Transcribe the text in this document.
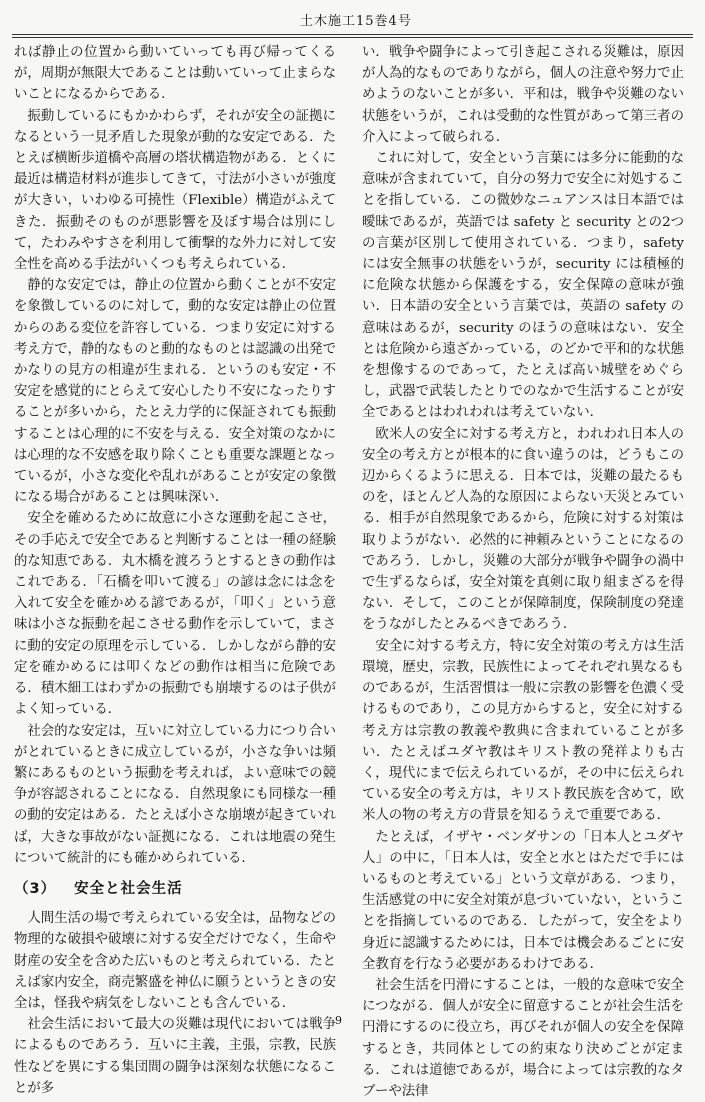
土木施工15巻4号

れば静止の位置から動いていっても再び帰ってくるが，周期が無限大であることは動いていって止まらないことになるからである．

振動しているにもかかわらず，それが安全の証拠になるという一見矛盾した現象が動的な安定である．たとえば横断歩道橋や高層の塔状構造物がある．とくに最近は構造材料が進歩してきて，寸法が小さいが強度が大きい，いわゆる可撓性（Flexible）構造がふえてきた．振動そのものが悪影響を及ぼす場合は別にして，たわみやすさを利用して衝撃的な外力に対して安全性を高める手法がいくつも考えられている．

静的な安定では，静止の位置から動くことが不安定を象徴しているのに対して，動的な安定は静止の位置からのある変位を許容している．つまり安定に対する考え方で，静的なものと動的なものとは認識の出発でかなりの見方の相違が生まれる．というのも安定・不安定を感覚的にとらえて安心したり不安になったりすることが多いから，たとえ力学的に保証されても振動することは心理的に不安を与える．安全対策のなかには心理的な不安感を取り除くことも重要な課題となっているが，小さな変化や乱れがあることが安定の象徴になる場合があることは興味深い．

安全を確めるために故意に小さな運動を起こさせ，その手応えで安全であると判断することは一種の経験的な知恵である．丸木橋を渡ろうとするときの動作はこれである．「石橋を叩いて渡る」の諺は念には念を入れて安全を確かめる諺であるが，「叩く」という意味は小さな振動を起こさせる動作を示していて，まさに動的安定の原理を示している．しかしながら静的安定を確かめるには叩くなどの動作は相当に危険である．積木細工はわずかの振動でも崩壊するのは子供がよく知っている．

社会的な安定は，互いに対立している力につり合いがとれているときに成立しているが，小さな争いは頻繁にあるものという振動を考えれば，よい意味での競争が容認されることになる．自然現象にも同様な一種の動的安定はある．たとえば小さな崩壊が起きていれば，大きな事故がない証拠になる．これは地震の発生について統計的にも確かめられている．

（3） 安全と社会生活

人間生活の場で考えられている安全は，品物などの物理的な破損や破壊に対する安全だけでなく，生命や財産の安全を含めた広いものと考えられている．たとえば家内安全，商売繁盛を神仏に願うというときの安全は，怪我や病気をしないことも含んでいる．

社会生活において最大の災難は現代においては戦争によるものであろう．互いに主義，主張，宗教，民族性などを異にする集団間の闘争は深刻な状態になることが多

い．戦争や闘争によって引き起こされる災難は，原因が人為的なものでありながら，個人の注意や努力で止めようのないことが多い．平和は，戦争や災難のない状態をいうが，これは受動的な性質があって第三者の介入によって破られる．

これに対して，安全という言葉には多分に能動的な意味が含まれていて，自分の努力で安全に対処することを指している．この微妙なニュアンスは日本語では曖昧であるが，英語では safety と security との2つの言葉が区別して使用されている．つまり，safety には安全無事の状態をいうが，security には積極的に危険な状態から保護をする，安全保障の意味が強い．日本語の安全という言葉では，英語の safety の意味はあるが，security のほうの意味はない．安全とは危険から遠ざかっている，のどかで平和的な状態を想像するのであって，たとえば高い城壁をめぐらし，武器で武装したとりでのなかで生活することが安全であるとはわれわれは考えていない．

欧米人の安全に対する考え方と，われわれ日本人の安全の考え方とが根本的に食い違うのは，どうもこの辺からくるように思える．日本では，災難の最たるものを，ほとんど人為的な原因によらない天災とみている．相手が自然現象であるから，危険に対する対策は取りようがない．必然的に神頼みということになるのであろう．しかし，災難の大部分が戦争や闘争の渦中で生ずるならば，安全対策を真剣に取り組まざるを得ない．そして，このことが保障制度，保険制度の発達をうながしたとみるべきであろう．

安全に対する考え方，特に安全対策の考え方は生活環境，歴史，宗教，民族性によってそれぞれ異なるものであるが，生活習慣は一般に宗教の影響を色濃く受けるものであり，この見方からすると，安全に対する考え方は宗教の教義や教典に含まれていることが多い．たとえばユダヤ教はキリスト教の発祥よりも古く，現代にまで伝えられているが，その中に伝えられている安全の考え方は，キリスト教民族を含めて，欧米人の物の考え方の背景を知るうえで重要である．

たとえば，イザヤ・ベンダサンの「日本人とユダヤ人」の中に，「日本人は，安全と水とはただで手にはいるものと考えている」という文章がある．つまり，生活感覚の中に安全対策が息づいていない，ということを指摘しているのである．したがって，安全をより身近に認識するためには，日本では機会あるごとに安全教育を行なう必要があるわけである．

社会生活を円滑にすることは，一般的な意味で安全につながる．個人が安全に留意することが社会生活を円滑にするのに役立ち，再びそれが個人の安全を保障するとき，共同体としての約束なり決めごとが定まる．これは道徳であるが，場合によっては宗教的なタブーや法律

9
